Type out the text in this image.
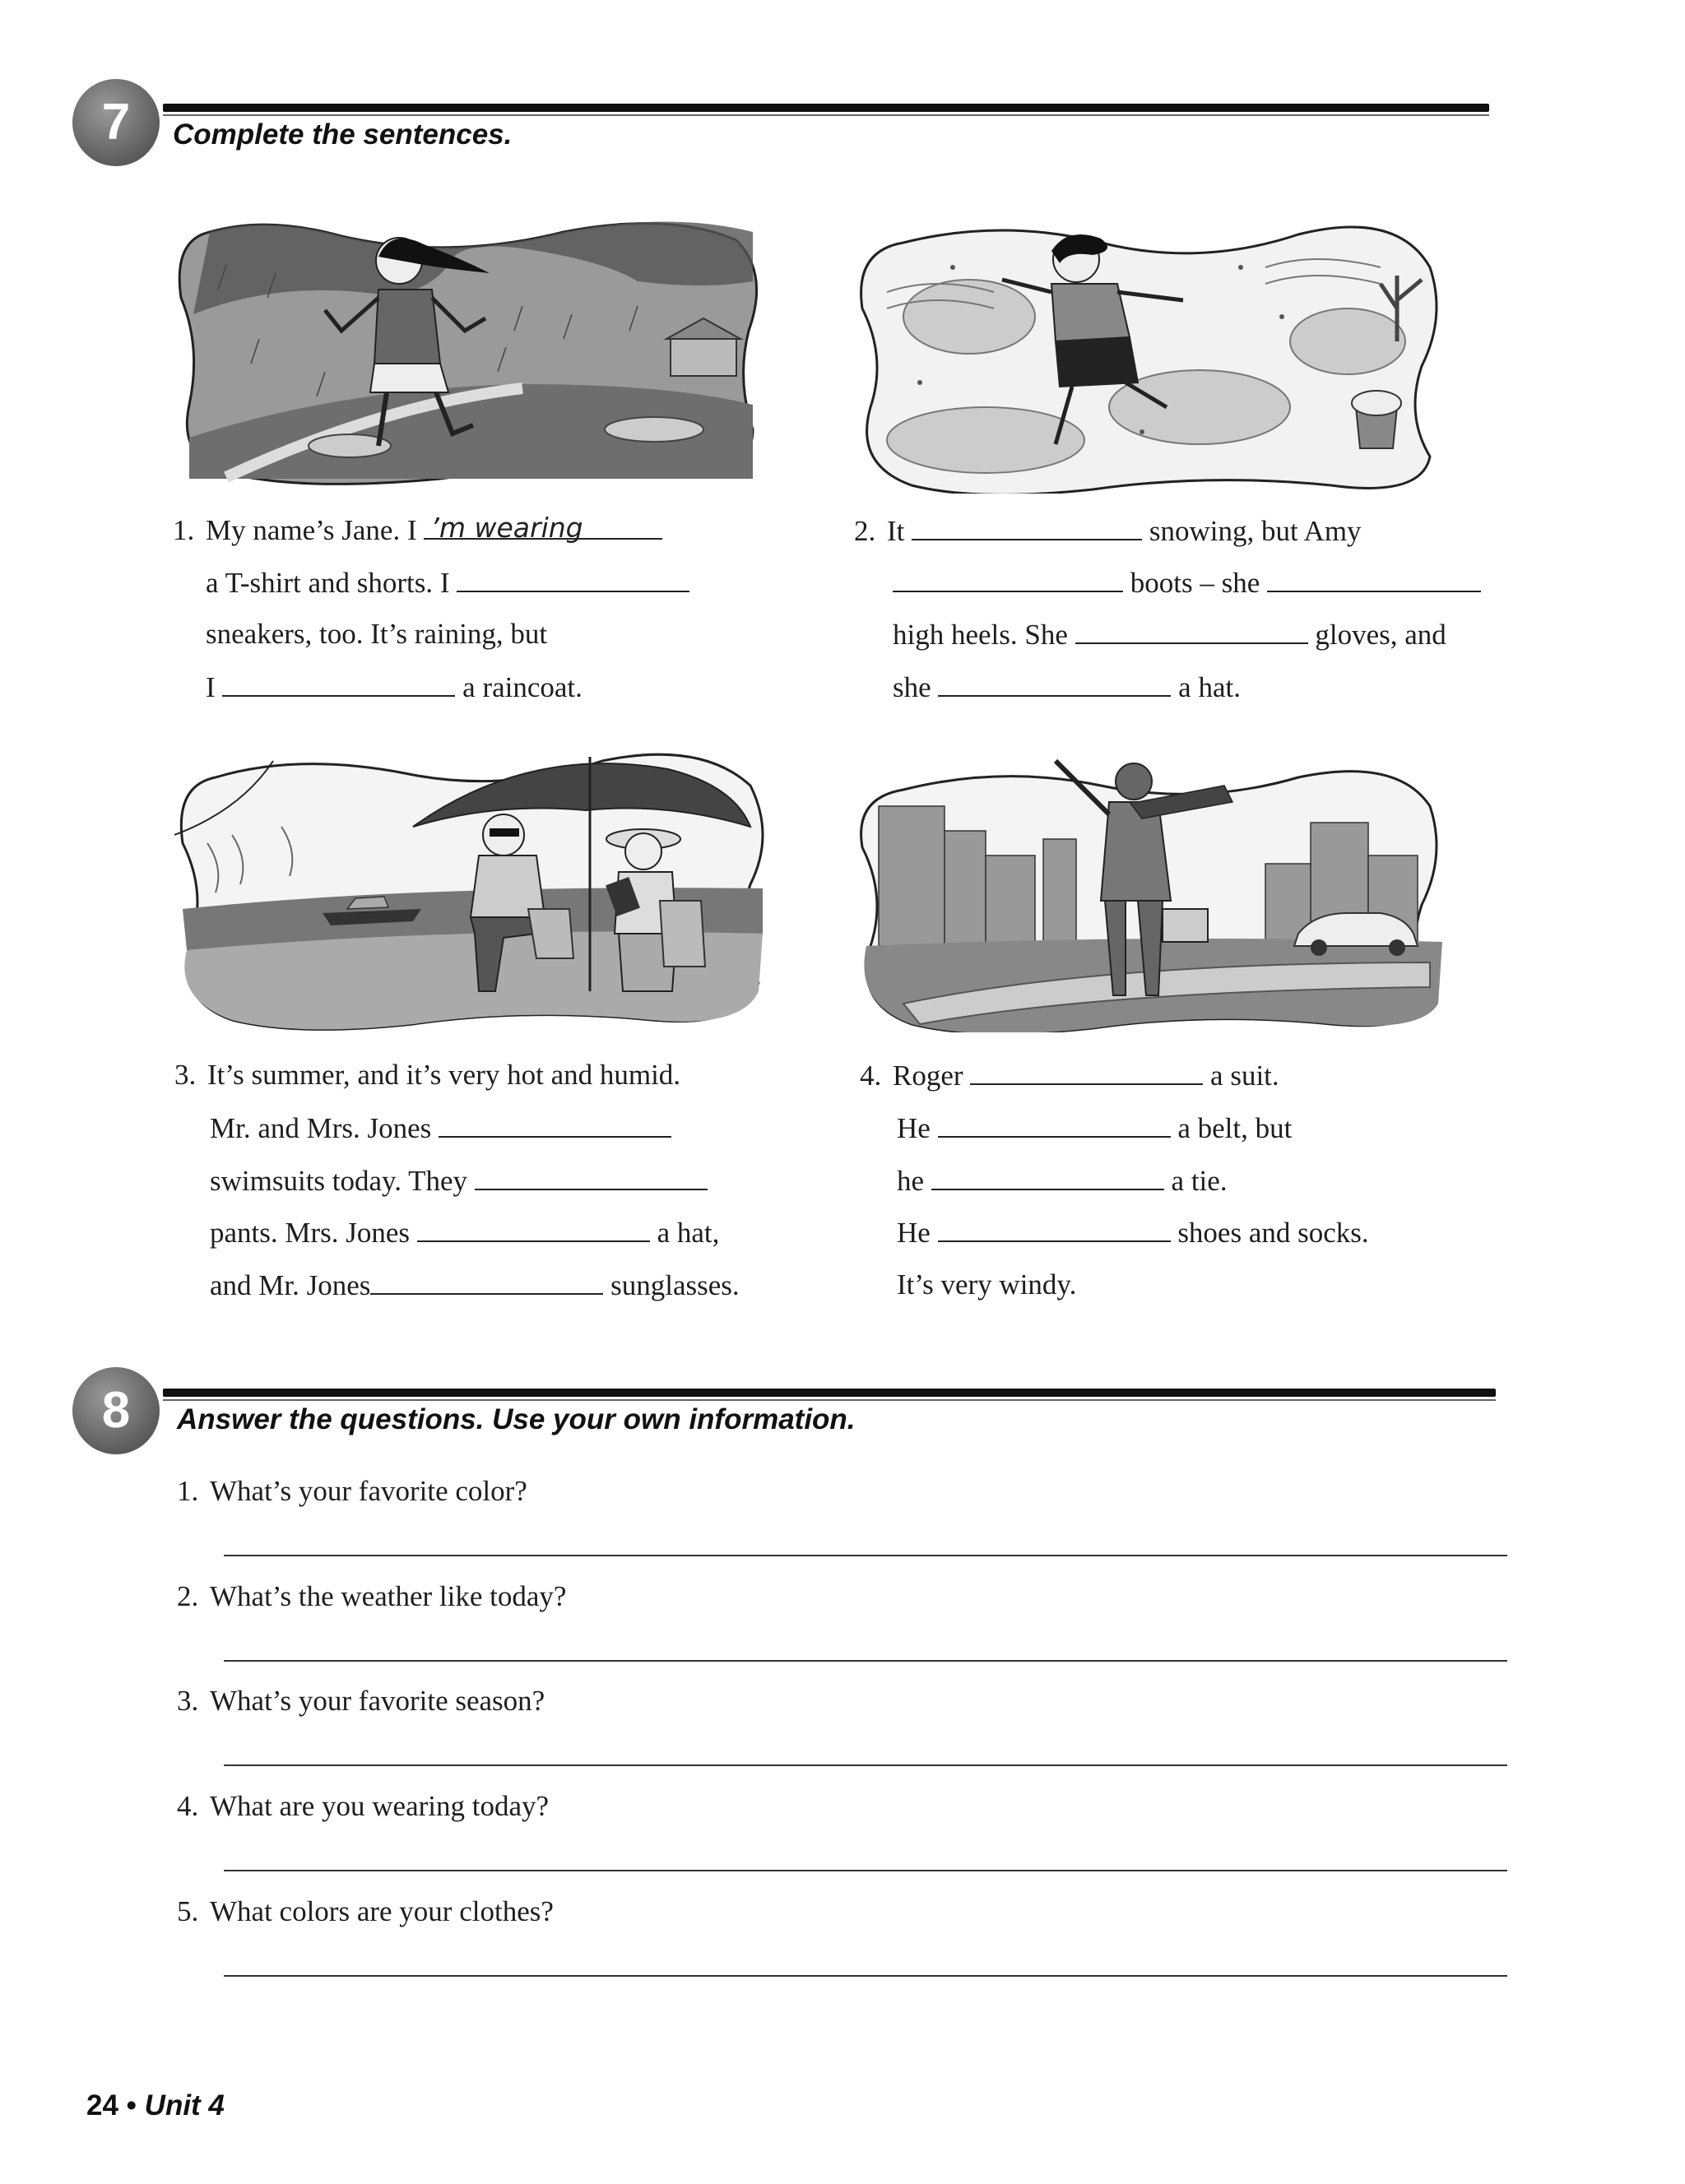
7	Complete the sentences.
1. My name’s Jane. I ’m wearing
a T-shirt and shorts. I
sneakers, too. It’s raining, but
I	a raincoat.
2. It	snowing, but Amy
boots – she
high heels. She	gloves, and
she	a hat.
3. It’s summer, and it’s very hot and humid.
Mr. and Mrs. Jones
swimsuits today. They
pants. Mrs. Jones	a hat,
and Mr. Jones	sunglasses.
4. Roger	a suit.
He	a belt, but
he	a tie.
He	shoes and socks.
It’s very windy.
8	Answer the questions. Use your own information.
1. What’s your favorite color?
2. What’s the weather like today?
3. What’s your favorite season?
4. What are you wearing today?
5. What colors are your clothes?
24 • Unit 4
